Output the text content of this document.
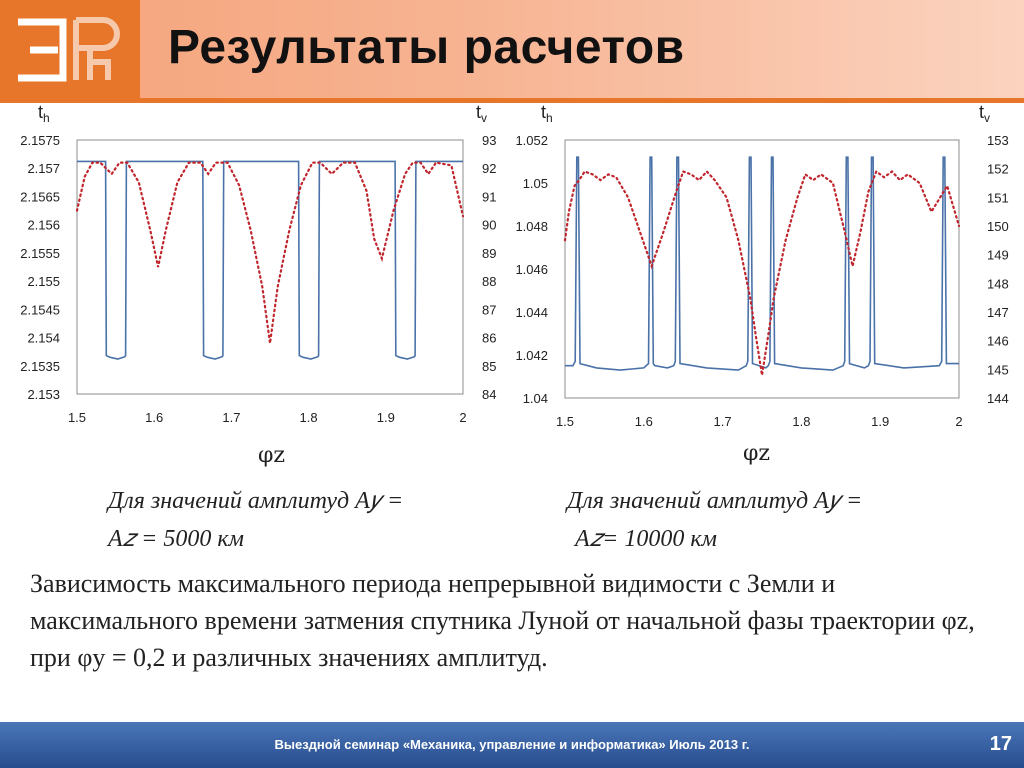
Результаты расчетов
$t_h$	$t_v$
2.1575
2.157
2.1565
2.156
2.1555
2.155
2.1545
2.154
2.1535
2.153
93
92
91
90
89
88
87
86
85
84
1.5	1.6	1.7	1.8	1.9	2
$t_h$	$t_v$
1.052
1.05
1.048
1.046
1.044
1.042
1.04
153
152
151
150
149
148
147
146
145
144
1.5	1.6	1.7	1.8	1.9	2
φz	φz
Для значений амплитуд A𝑦 =
A𝑧 = 5000 км
Для значений амплитуд A𝑦 =
A𝑧= 10000 км
Зависимость максимального периода непрерывной видимости с Земли и максимального времени затмения спутника Луной от начальной фазы траектории φz, при φy = 0,2 и различных значениях амплитуд.
Выездной семинар «Механика, управление и информатика» Июль 2013 г.	17
